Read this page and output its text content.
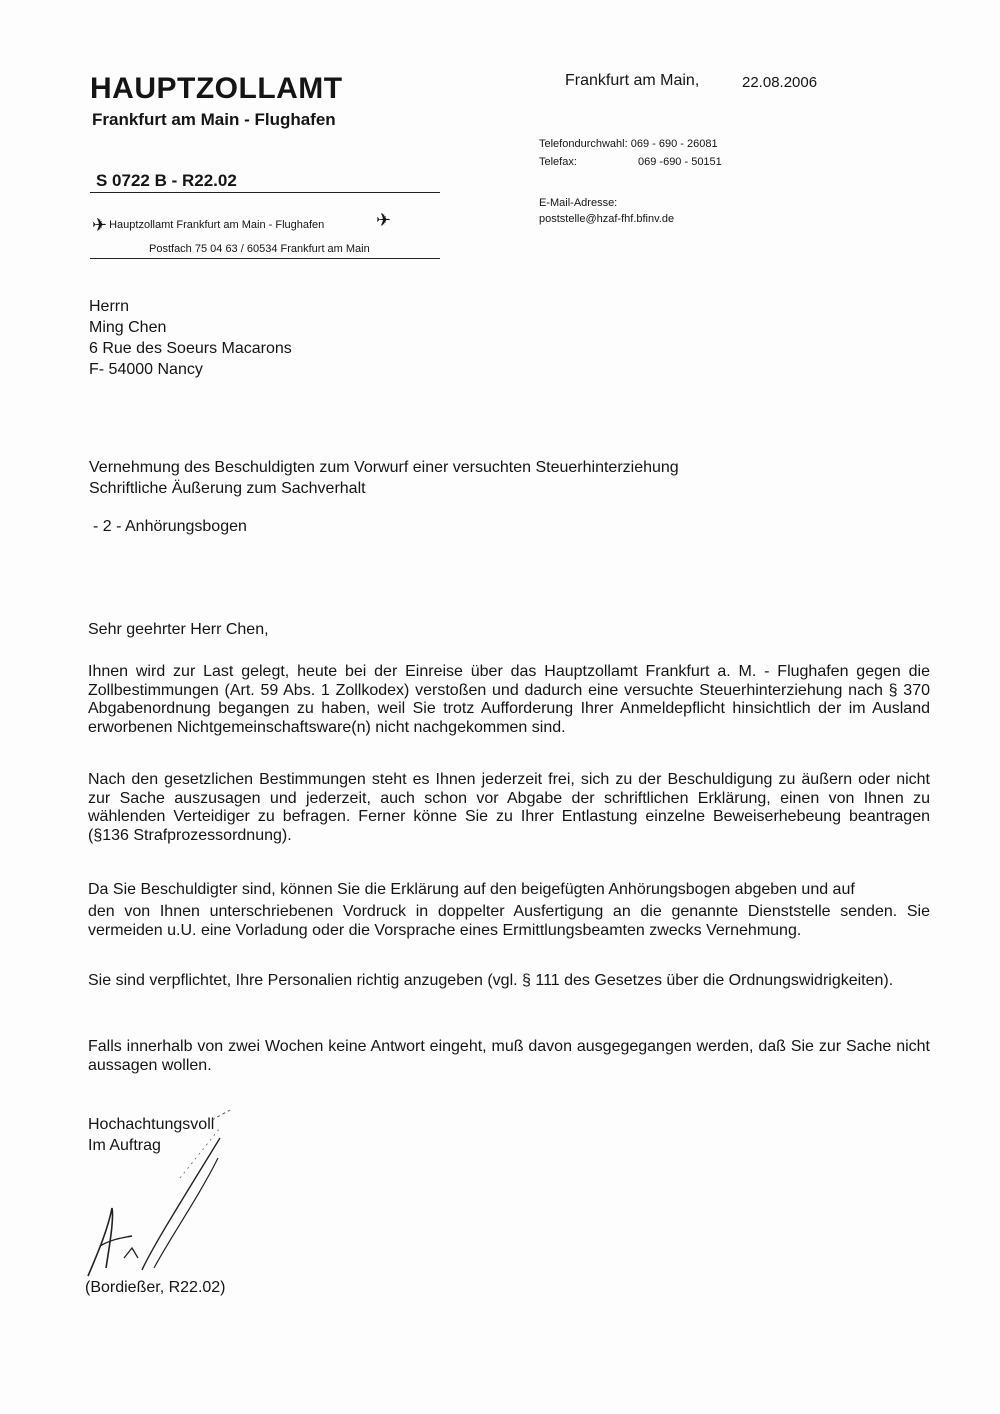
HAUPTZOLLAMT
Frankfurt am Main - Flughafen
S 0722 B - R22.02
✈ Hauptzollamt Frankfurt am Main - Flughafen	✈
Postfach 75 04 63 / 60534 Frankfurt am Main
Frankfurt am Main,	22.08.2006
Telefondurchwahl: 069 - 690 - 26081
Telefax:	069 -690 - 50151
E-Mail-Adresse:
poststelle@hzaf-fhf.bfinv.de
Herrn
Ming Chen
6 Rue des Soeurs Macarons
F- 54000 Nancy
Vernehmung des Beschuldigten zum Vorwurf einer versuchten Steuerhinterziehung
Schriftliche Äußerung zum Sachverhalt
- 2 - Anhörungsbogen
Sehr geehrter Herr Chen,
Ihnen wird zur Last gelegt, heute bei der Einreise über das Hauptzollamt Frankfurt a. M. - Flughafen gegen die Zollbestimmungen (Art. 59 Abs. 1 Zollkodex) verstoßen und dadurch eine versuchte Steuerhinterziehung nach § 370 Abgabenordnung begangen zu haben, weil Sie trotz Aufforderung Ihrer Anmeldepflicht hinsichtlich der im Ausland erworbenen Nichtgemeinschaftsware(n) nicht nachgekommen sind.
Nach den gesetzlichen Bestimmungen steht es Ihnen jederzeit frei, sich zu der Beschuldigung zu äußern oder nicht zur Sache auszusagen und jederzeit, auch schon vor Abgabe der schriftlichen Erklärung, einen von Ihnen zu wählenden Verteidiger zu befragen. Ferner könne Sie zu Ihrer Entlastung einzelne Beweiserhebeung beantragen (§136 Strafprozessordnung).
Da Sie Beschuldigter sind, können Sie die Erklärung auf den beigefügten Anhörungsbogen abgeben und auf
den von Ihnen unterschriebenen Vordruck in doppelter Ausfertigung an die genannte Dienststelle senden. Sie vermeiden u.U. eine Vorladung oder die Vorsprache eines Ermittlungsbeamten zwecks Vernehmung.
Sie sind verpflichtet, Ihre Personalien richtig anzugeben (vgl. § 111 des Gesetzes über die Ordnungswidrigkeiten).
Falls innerhalb von zwei Wochen keine Antwort eingeht, muß davon ausgegegangen werden, daß Sie zur Sache nicht aussagen wollen.
Hochachtungsvoll
Im Auftrag
(Bordießer, R22.02)
